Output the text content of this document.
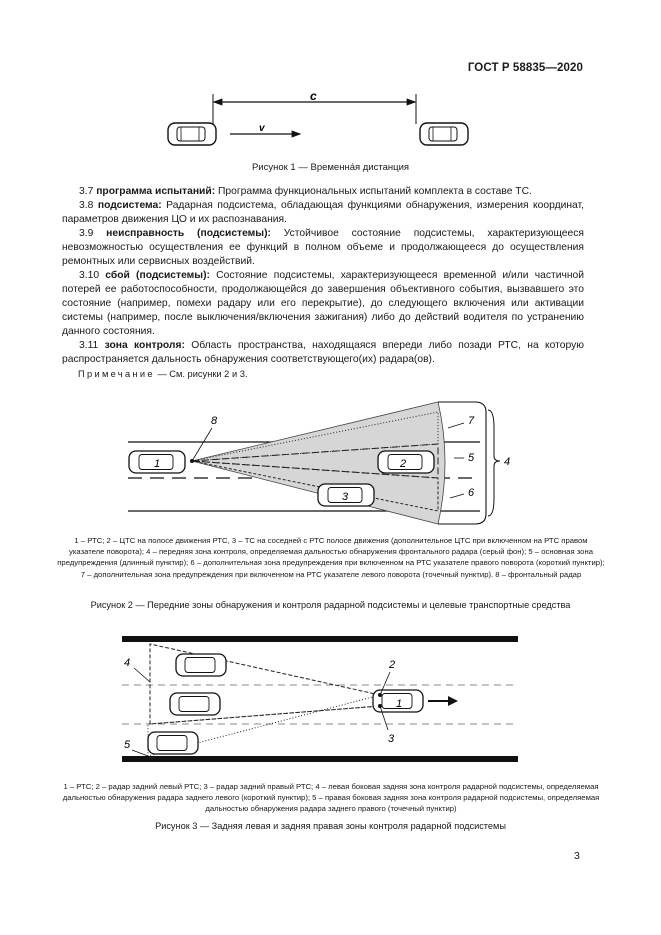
ГОСТ Р 58835—2020
c
v
Рисунок 1 — Временна́я дистанция

3.7 программа испытаний: Программа функциональных испытаний комплекта в составе ТС.

3.8 подсистема: Радарная подсистема, обладающая функциями обнаружения, измерения координат, параметров движения ЦО и их распознавания.

3.9 неисправность (подсистемы): Устойчивое состояние подсистемы, характеризующееся невозможностью осуществления ее функций в полном объеме и продолжающееся до осуществления ремонтных или сервисных воздействий.

3.10 сбой (подсистемы): Состояние подсистемы, характеризующееся временной и/или частичной потерей ее работоспособности, продолжающейся до завершения объективного события, вызвавшего это состояние (например, помехи радару или его перекрытие), до следующего включения или активации системы (например, после выключения/включения зажигания) либо до действий водителя по устранению данного состояния.

3.11 зона контроля: Область пространства, находящаяся впереди либо позади РТС, на которую распространяется дальность обнаружения соответствующего(их) радара(ов).

Примечание — См. рисунки 2 и 3.
1	2
3
4
5
6
7
8
1 – РТС; 2 – ЦТС на полосе движения РТС, 3 – ТС на соседней с РТС полосе движения (дополнительное ЦТС при включенном на РТС правом указателе поворота); 4 – передняя зона контроля, определяемая дальностью обнаружения фронтального радара (серый фон); 5 – основная зона предупреждения (длинный пунктир); 6 – дополнительная зона предупреждения при включенном на РТС указателе правого поворота (короткий пунктир); 7 – дополнительная зона предупреждения при включенном на РТС указателе левого поворота (точечный пунктир). 8 – фронтальный радар
Рисунок 2 — Передние зоны обнаружения и контроля радарной подсистемы и целевые транспортные средства
1
2
3
4
5
1 – РТС; 2 – радар задний левый РТС; 3 – радар задний правый РТС; 4 – левая боковая задняя зона контроля радарной подсистемы, определяемая дальностью обнаружения радара заднего левого (короткий пунктир); 5 – правая боковая задняя зона контроля радарной подсистемы, определяемая дальностью обнаружения радара заднего правого (точечный пунктир)
Рисунок 3 — Задняя левая и задняя правая зоны контроля радарной подсистемы
3
